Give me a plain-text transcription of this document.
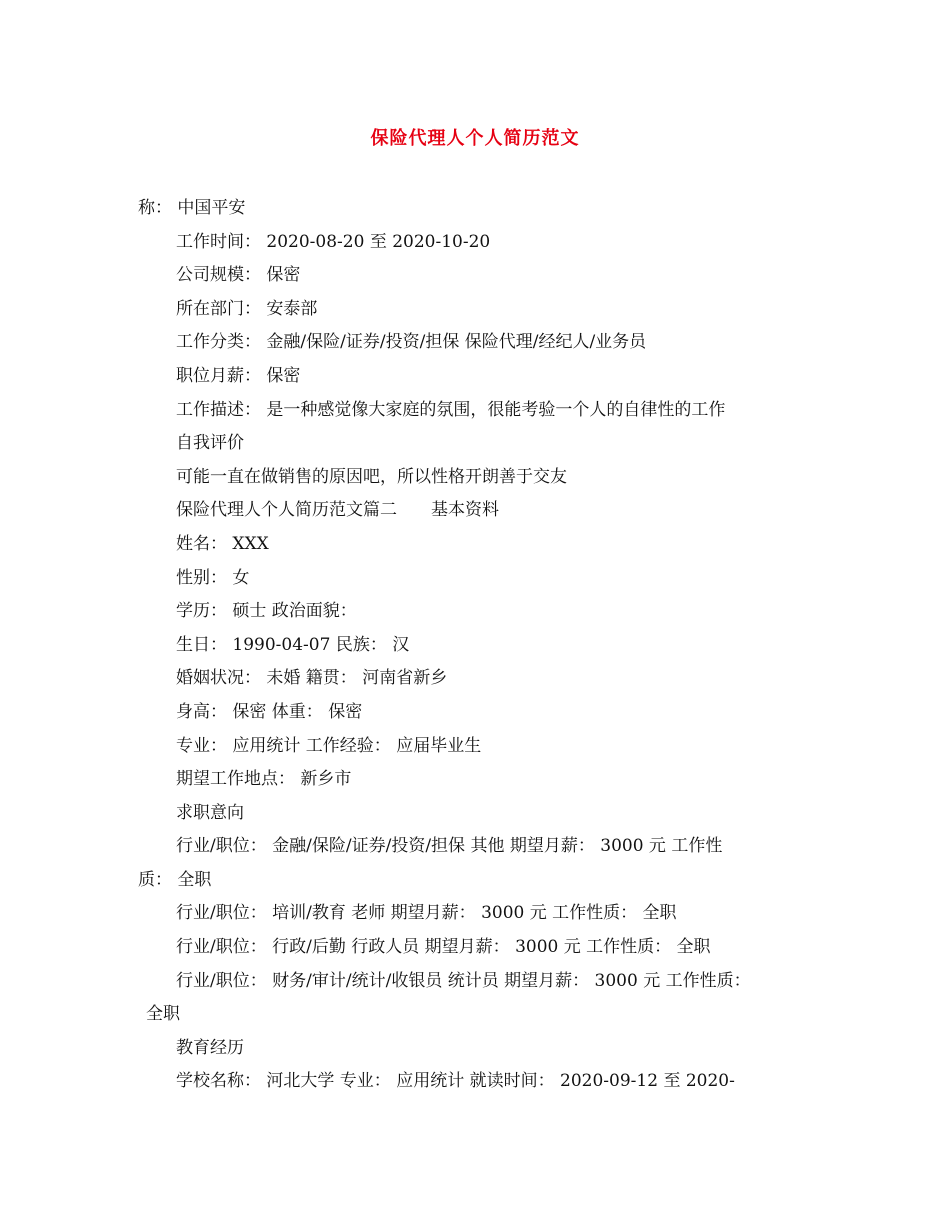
保险代理人个人简历范文
称： 中国平安
工作时间： 2020-08-20 至 2020-10-20
公司规模： 保密
所在部门： 安泰部
工作分类： 金融/保险/证券/投资/担保 保险代理/经纪人/业务员
职位月薪： 保密
工作描述： 是一种感觉像大家庭的氛围，很能考验一个人的自律性的工作
自我评价
可能一直在做销售的原因吧，所以性格开朗善于交友
保险代理人个人简历范文篇二　　基本资料
姓名： XXX
性别： 女
学历： 硕士 政治面貌：
生日： 1990-04-07 民族： 汉
婚姻状况： 未婚 籍贯： 河南省新乡
身高： 保密 体重： 保密
专业： 应用统计 工作经验： 应届毕业生
期望工作地点： 新乡市
求职意向
行业/职位： 金融/保险/证券/投资/担保 其他 期望月薪： 3000 元 工作性
质： 全职
行业/职位： 培训/教育 老师 期望月薪： 3000 元 工作性质： 全职
行业/职位： 行政/后勤 行政人员 期望月薪： 3000 元 工作性质： 全职
行业/职位： 财务/审计/统计/收银员 统计员 期望月薪： 3000 元 工作性质：
全职
教育经历
学校名称： 河北大学 专业： 应用统计 就读时间： 2020-09-12 至 2020-
